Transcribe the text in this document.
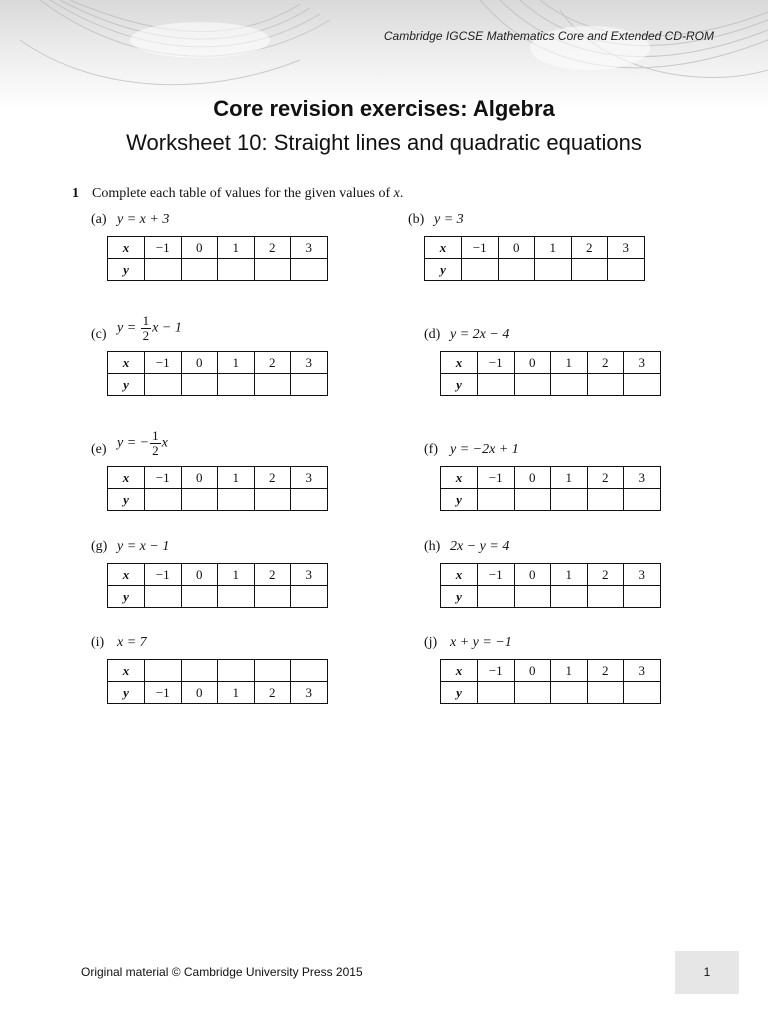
Cambridge IGCSE Mathematics Core and Extended CD-ROM
Core revision exercises: Algebra
Worksheet 10: Straight lines and quadratic equations
1 Complete each table of values for the given values of x.
(a) y = x + 3
x	−1	0	1	2	3
y					
(b) y = 3
x	−1	0	1	2	3
y					
(c) $y = \frac{1}{2}$ x − 1
x	−1	0	1	2	3
y					
(d) y = 2x − 4
x	−1	0	1	2	3
y					
(e) y = − $\frac{1}{2}$ x
x	−1	0	1	2	3
y					
(f) y = −2x + 1
x	−1	0	1	2	3
y					
(g) y = x − 1
x	−1	0	1	2	3
y					
(h) 2x − y = 4
x	−1	0	1	2	3
y					
(i) x = 7
x					
y	−1	0	1	2	3
(j) x + y = −1
x	−1	0	1	2	3
y					
Original material © Cambridge University Press 2015	1
